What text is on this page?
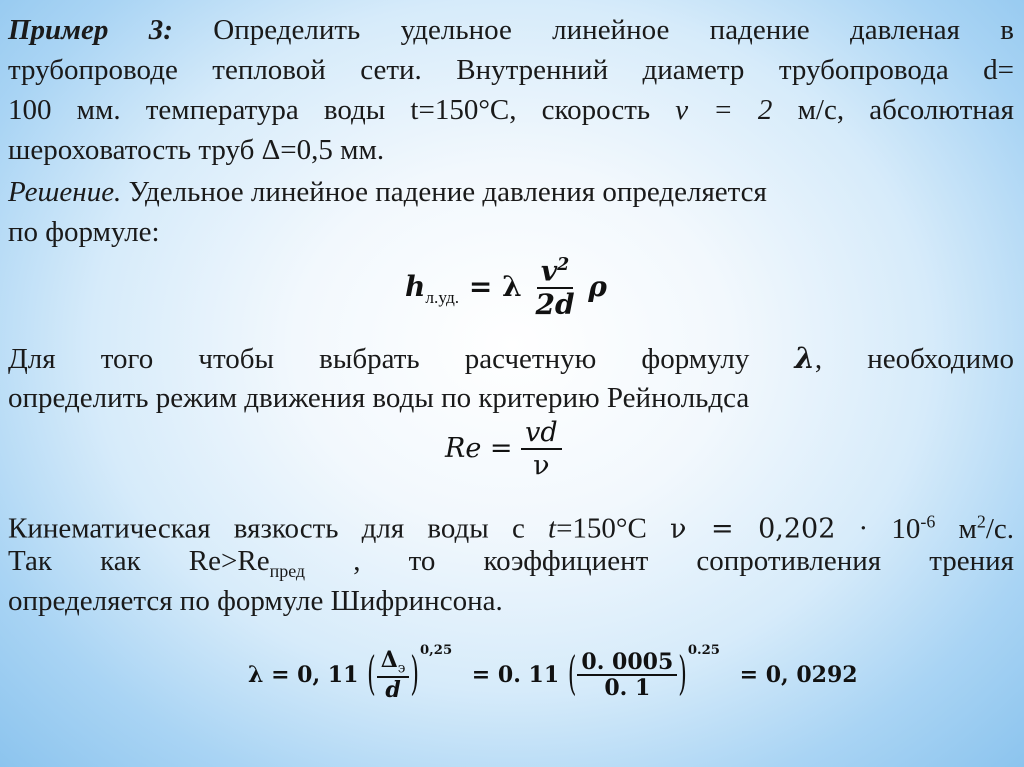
Пример 3: Определить удельное линейное падение давленая в

трубопроводе тепловой сети. Внутренний диаметр трубопровода d=

100 мм. температура воды t=150°С, скорость v = 2 м/с, абсолютная

шероховатость труб Δ=0,5 мм.

Решение. Удельное линейное падение давления определяется

по формуле:

$h_{л.уд.} = \lambda \frac{v^2}{2d}$ ρ

Для того чтобы выбрать расчетную формулу λ, необходимо

определить режим движения воды по критерию Рейнольдса

$Re = \frac{vd}{\nu}$

Кинематическая вязкость для воды с t=150°С $\nu = 0,202 \cdot 10^{-6}$ $м^2/с$.

Так как $Re>Re_{пред}$ , то коэффициент сопротивления трения

определяется по формуле Шифринсона.

λ = 0, 11 ( $\frac{\Delta_э}{d} )^{0,25} = 0$. 11 ( $\frac{0. 0005}{0. 1} )^{0.25} = 0$, 0292
